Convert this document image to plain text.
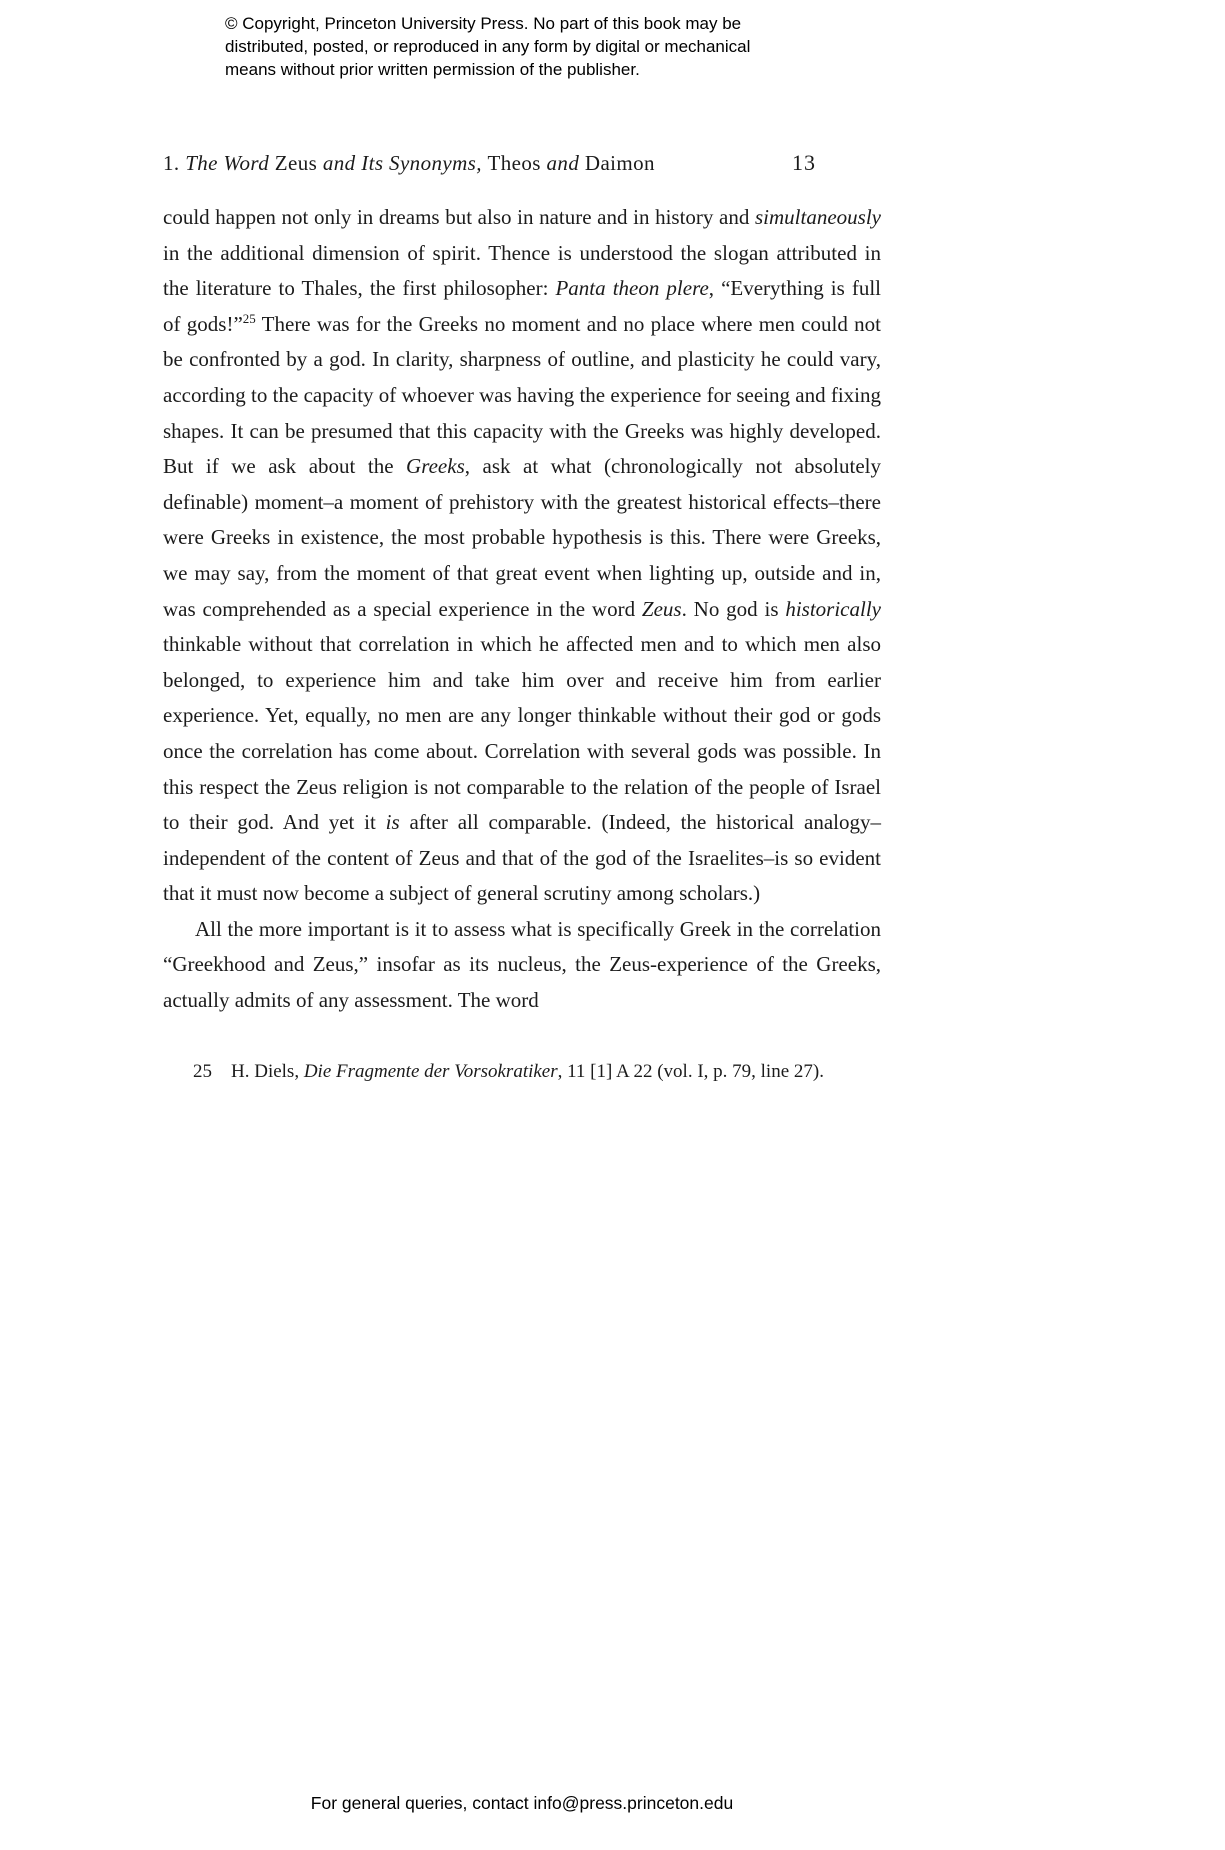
© Copyright, Princeton University Press. No part of this book may be
distributed, posted, or reproduced in any form by digital or mechanical
means without prior written permission of the publisher.
1. The Word Zeus and Its Synonyms, Theos and Daimon	13

could happen not only in dreams but also in nature and in history and simultaneously in the additional dimension of spirit. Thence is understood the slogan attributed in the literature to Thales, the first philosopher: Panta theon plere, “Everything is full of gods!”$^{25}$ There was for the Greeks no moment and no place where men could not be confronted by a god. In clarity, sharpness of outline, and plasticity he could vary, according to the capacity of whoever was having the experience for seeing and fixing shapes. It can be presumed that this capacity with the Greeks was highly developed. But if we ask about the Greeks, ask at what (chronologically not absolutely definable) moment–a moment of prehistory with the greatest historical effects–there were Greeks in existence, the most probable hypothesis is this. There were Greeks, we may say, from the moment of that great event when lighting up, outside and in, was comprehended as a special experience in the word Zeus. No god is historically thinkable without that correlation in which he affected men and to which men also belonged, to experience him and take him over and receive him from earlier experience. Yet, equally, no men are any longer thinkable without their god or gods once the correlation has come about. Correlation with several gods was possible. In this respect the Zeus religion is not comparable to the relation of the people of Israel to their god. And yet it is after all comparable. (Indeed, the historical analogy–independent of the content of Zeus and that of the god of the Israelites–is so evident that it must now become a subject of general scrutiny among scholars.)

All the more important is it to assess what is specifically Greek in the correlation “Greekhood and Zeus,” insofar as its nucleus, the Zeus-experience of the Greeks, actually admits of any assessment. The word

25 H. Diels, Die Fragmente der Vorsokratiker, 11 [1] A 22 (vol. I, p. 79, line 27).
For general queries, contact info@press.princeton.edu
